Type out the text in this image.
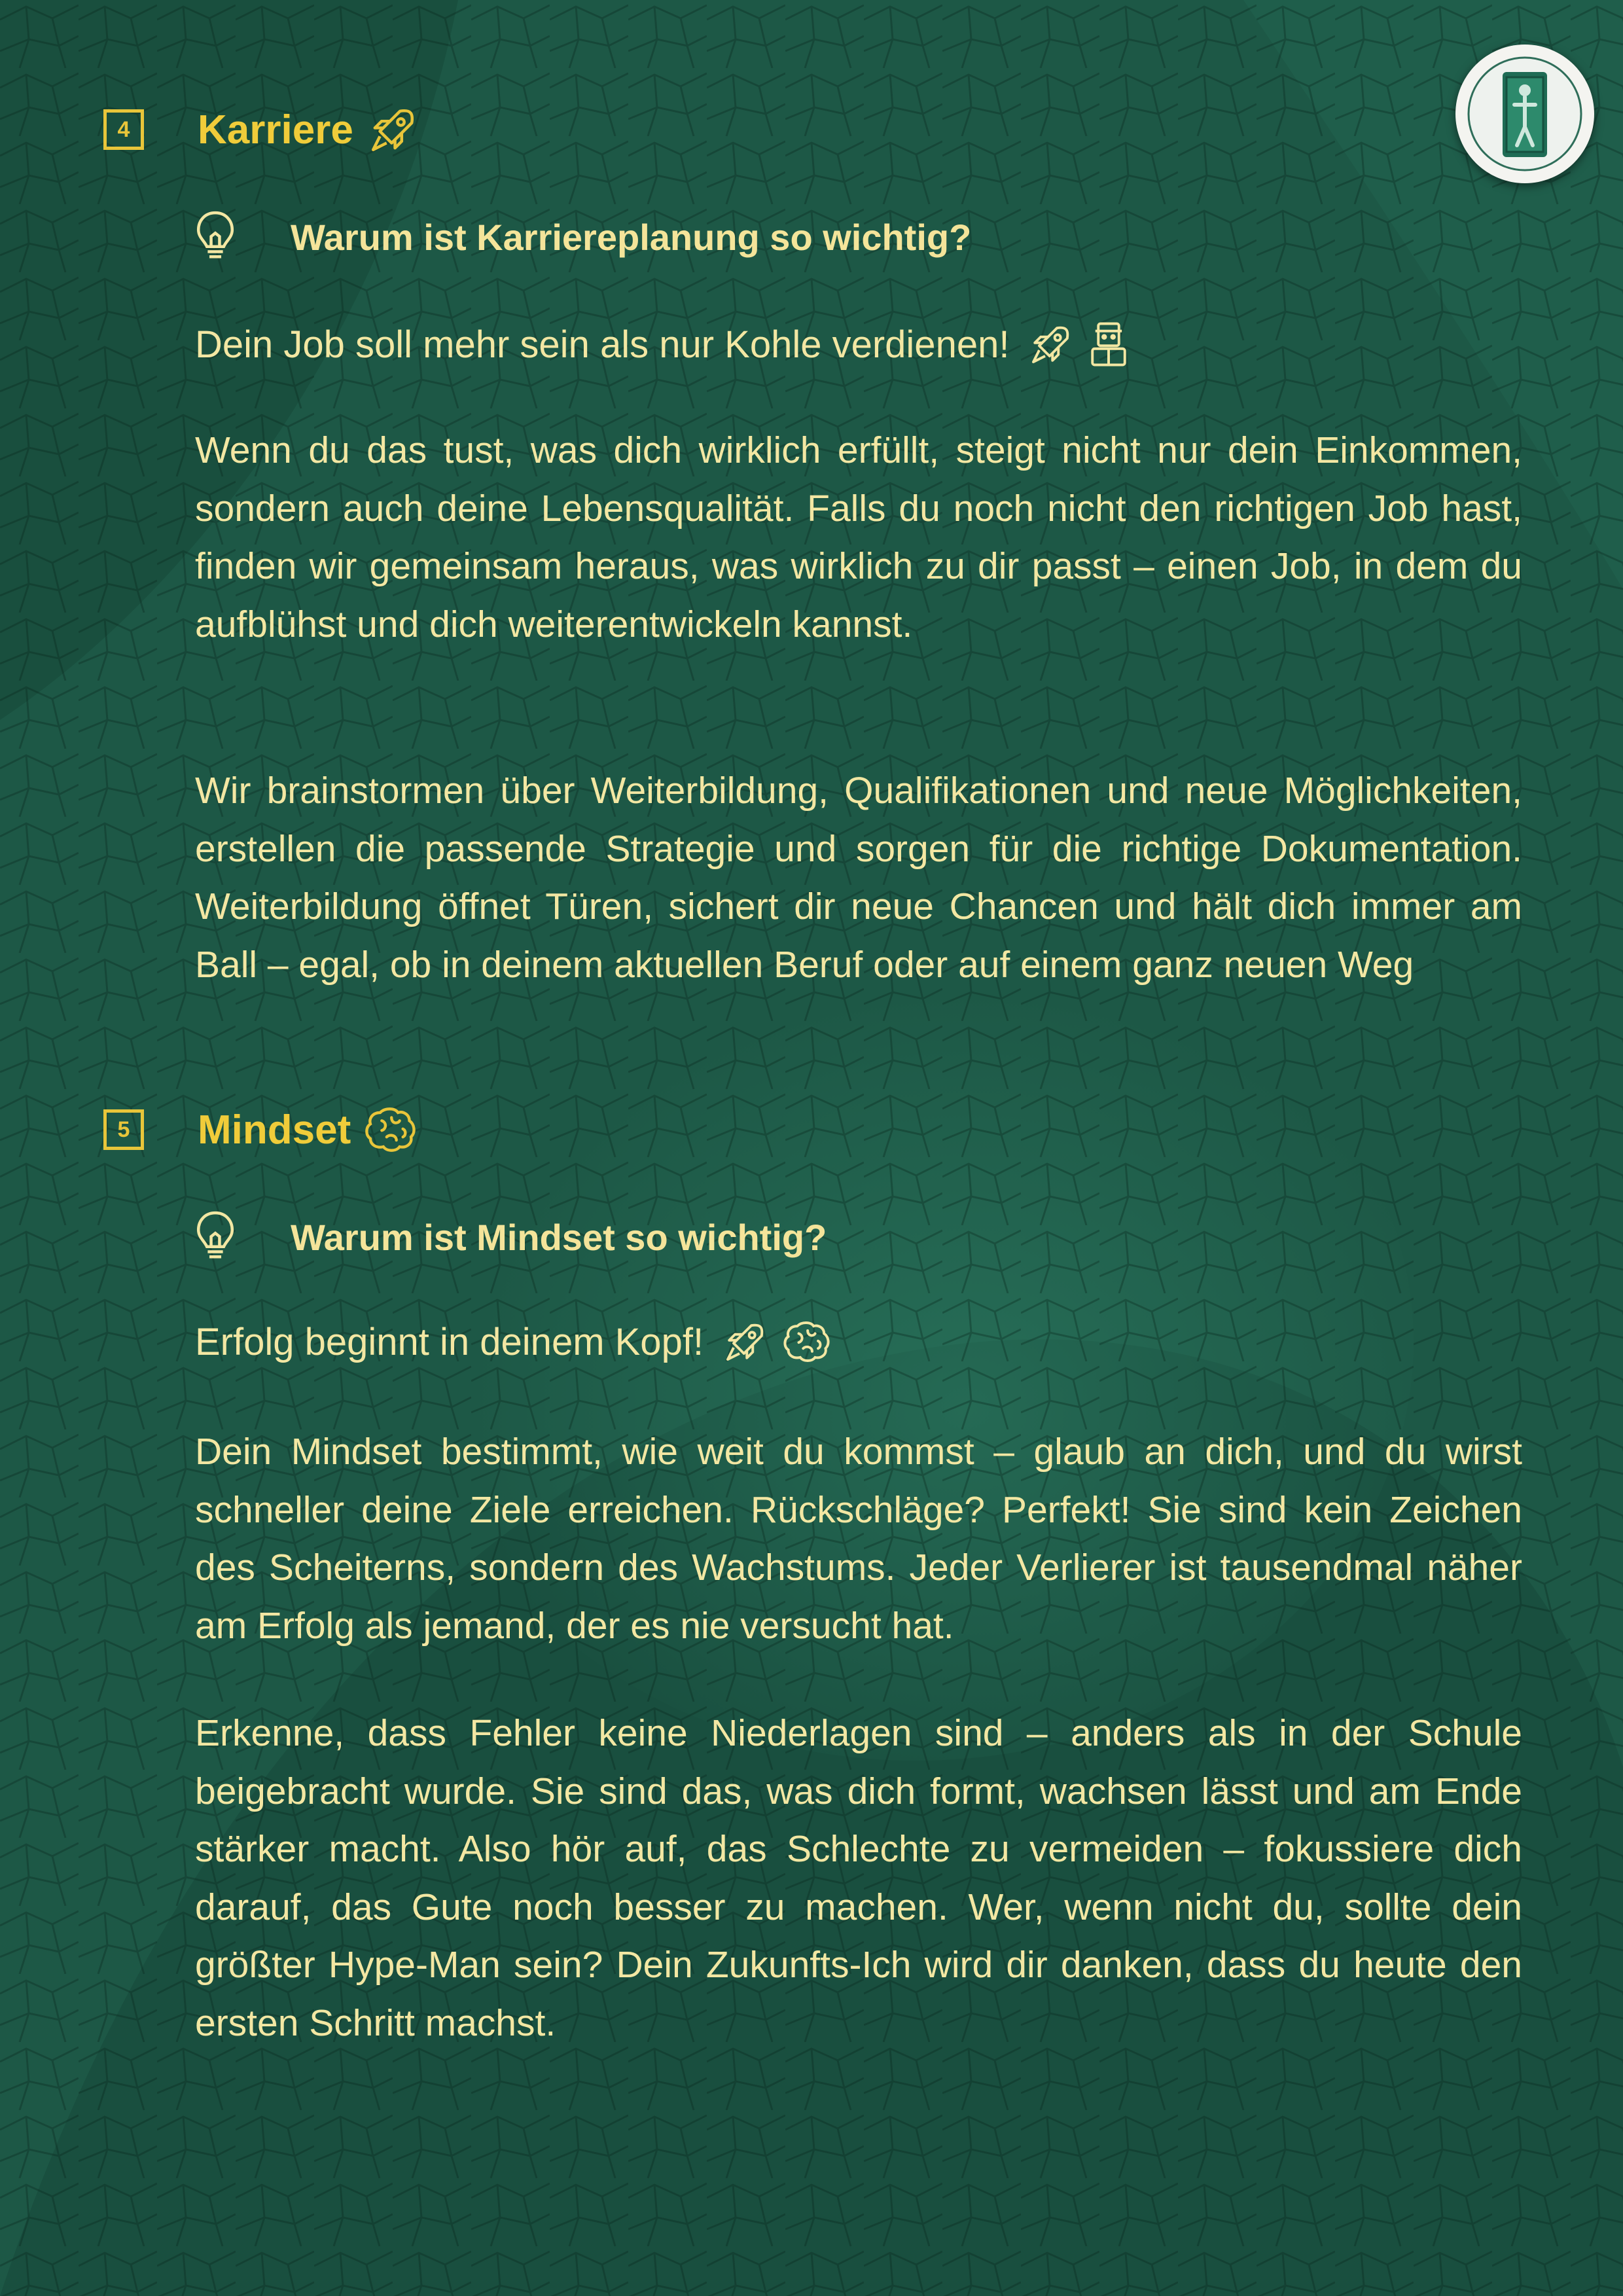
4	Karriere
Warum ist Karriereplanung so wichtig?
Dein Job soll mehr sein als nur Kohle verdienen!

Wenn du das tust, was dich wirklich erfüllt, steigt nicht nur dein Einkommen, sondern auch deine Lebensqualität. Falls du noch nicht den richtigen Job hast, finden wir gemeinsam heraus, was wirklich zu dir passt – einen Job, in dem du aufblühst und dich weiterentwickeln kannst.

Wir brainstormen über Weiterbildung, Qualifikationen und neue Möglichkeiten, erstellen die passende Strategie und sorgen für die richtige Dokumentation. Weiterbildung öffnet Türen, sichert dir neue Chancen und hält dich immer am Ball – egal, ob in deinem aktuellen Beruf oder auf einem ganz neuen Weg

5	Mindset
Warum ist Mindset so wichtig?
Erfolg beginnt in deinem Kopf!

Dein Mindset bestimmt, wie weit du kommst – glaub an dich, und du wirst schneller deine Ziele erreichen. Rückschläge? Perfekt! Sie sind kein Zeichen des Scheiterns, sondern des Wachstums. Jeder Verlierer ist tausendmal näher am Erfolg als jemand, der es nie versucht hat.

Erkenne, dass Fehler keine Niederlagen sind – anders als in der Schule beigebracht wurde. Sie sind das, was dich formt, wachsen lässt und am Ende stärker macht. Also hör auf, das Schlechte zu vermeiden – fokussiere dich darauf, das Gute noch besser zu machen. Wer, wenn nicht du, sollte dein größter Hype-Man sein? Dein Zukunfts-Ich wird dir danken, dass du heute den ersten Schritt machst.
